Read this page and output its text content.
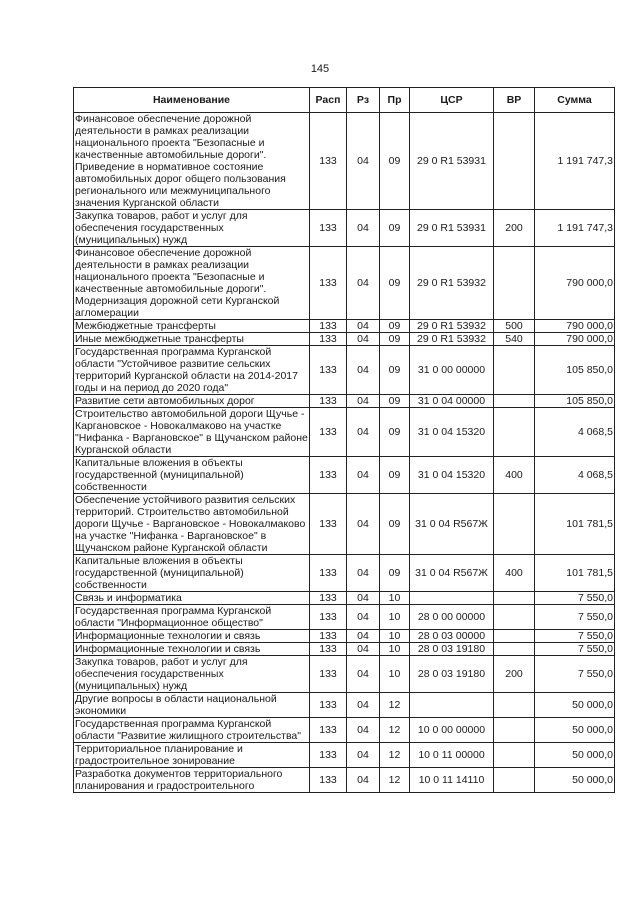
145
Наименование	Расп	Рз	Пр	ЦСР	ВР	Сумма
Финансовое обеспечение дорожной деятельности в рамках реализации национального проекта "Безопасные и качественные автомобильные дороги". Приведение в нормативное состояние автомобильных дорог общего пользования регионального или межмуниципального значения Курганской области	133	04	09	29 0 R1 53931		1 191 747,3
Закупка товаров, работ и услуг для обеспечения государственных (муниципальных) нужд	133	04	09	29 0 R1 53931	200	1 191 747,3
Финансовое обеспечение дорожной деятельности в рамках реализации национального проекта "Безопасные и качественные автомобильные дороги". Модернизация дорожной сети Курганской агломерации	133	04	09	29 0 R1 53932		790 000,0
Межбюджетные трансферты	133	04	09	29 0 R1 53932	500	790 000,0
Иные межбюджетные трансферты	133	04	09	29 0 R1 53932	540	790 000,0
Государственная программа Курганской области "Устойчивое развитие сельских территорий Курганской области на 2014-2017 годы и на период до 2020 года"	133	04	09	31 0 00 00000		105 850,0
Развитие сети автомобильных дорог	133	04	09	31 0 04 00000		105 850,0
Строительство автомобильной дороги Щучье - Каргановское - Новокалмаково на участке "Нифанка - Варгановское" в Щучанском районе Курганской области	133	04	09	31 0 04 15320		4 068,5
Капитальные вложения в объекты государственной (муниципальной) собственности	133	04	09	31 0 04 15320	400	4 068,5
Обеспечение устойчивого развития сельских территорий. Строительство автомобильной дороги Щучье - Варгановское - Новокалмаково на участке "Нифанка - Варгановское" в Щучанском районе Курганской области	133	04	09	31 0 04 R567Ж		101 781,5
Капитальные вложения в объекты государственной (муниципальной) собственности	133	04	09	31 0 04 R567Ж	400	101 781,5
Связь и информатика	133	04	10			7 550,0
Государственная программа Курганской области "Информационное общество"	133	04	10	28 0 00 00000		7 550,0
Информационные технологии и связь	133	04	10	28 0 03 00000		7 550,0
Информационные технологии и связь	133	04	10	28 0 03 19180		7 550,0
Закупка товаров, работ и услуг для обеспечения государственных (муниципальных) нужд	133	04	10	28 0 03 19180	200	7 550,0
Другие вопросы в области национальной экономики	133	04	12			50 000,0
Государственная программа Курганской области "Развитие жилищного строительства"	133	04	12	10 0 00 00000		50 000,0
Территориальное планирование и градостроительное зонирование	133	04	12	10 0 11 00000		50 000,0
Разработка документов территориального планирования и градостроительного	133	04	12	10 0 11 14110		50 000,0
